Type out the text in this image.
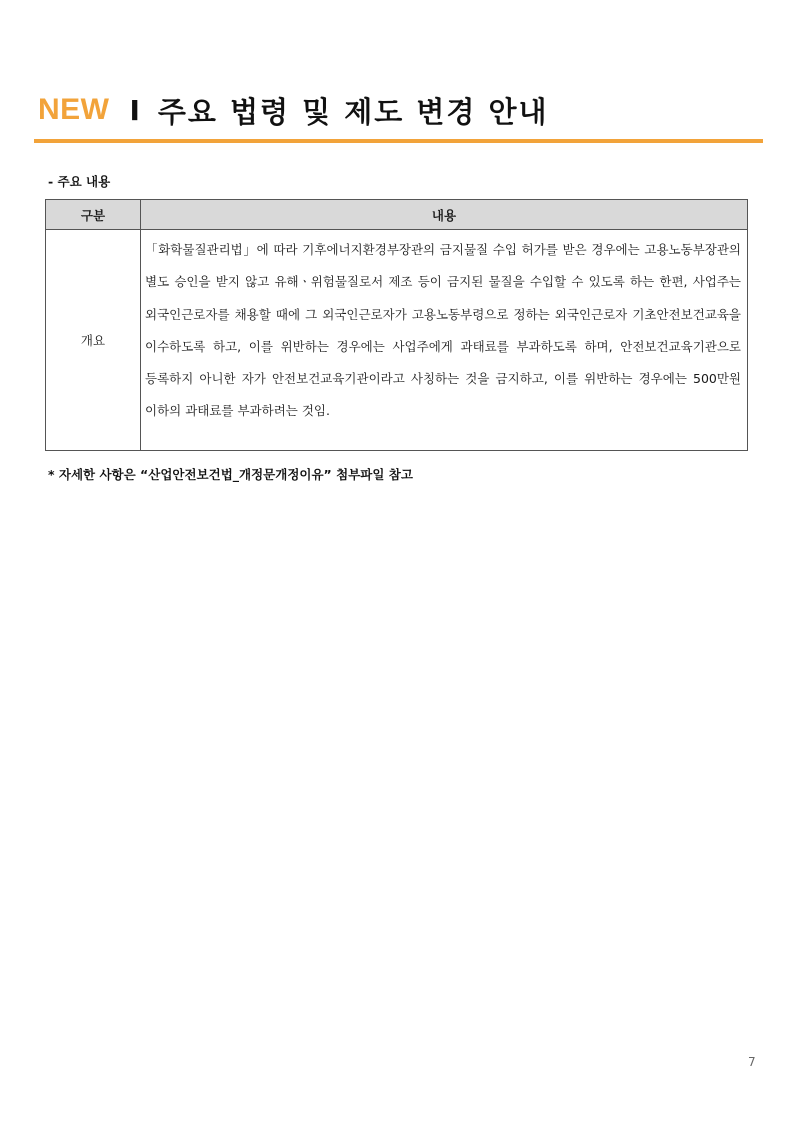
NEW I 주요 법령 및 제도 변경 안내
- 주요 내용
구분	내용
개요	「화학물질관리법」에 따라 기후에너지환경부장관의 금지물질 수입 허가를 받은 경우에는 고용노동부장관의 별도 승인을 받지 않고 유해ㆍ위험물질로서 제조 등이 금지된 물질을 수입할 수 있도록 하는 한편, 사업주는 외국인근로자를 채용할 때에 그 외국인근로자가 고용노동부령으로 정하는 외국인근로자 기초안전보건교육을 이수하도록 하고, 이를 위반하는 경우에는 사업주에게 과태료를 부과하도록 하며, 안전보건교육기관으로 등록하지 아니한 자가 안전보건교육기관이라고 사칭하는 것을 금지하고, 이를 위반하는 경우에는 500만원 이하의 과태료를 부과하려는 것임.
* 자세한 사항은 “산업안전보건법_개정문개정이유” 첨부파일 참고
7
